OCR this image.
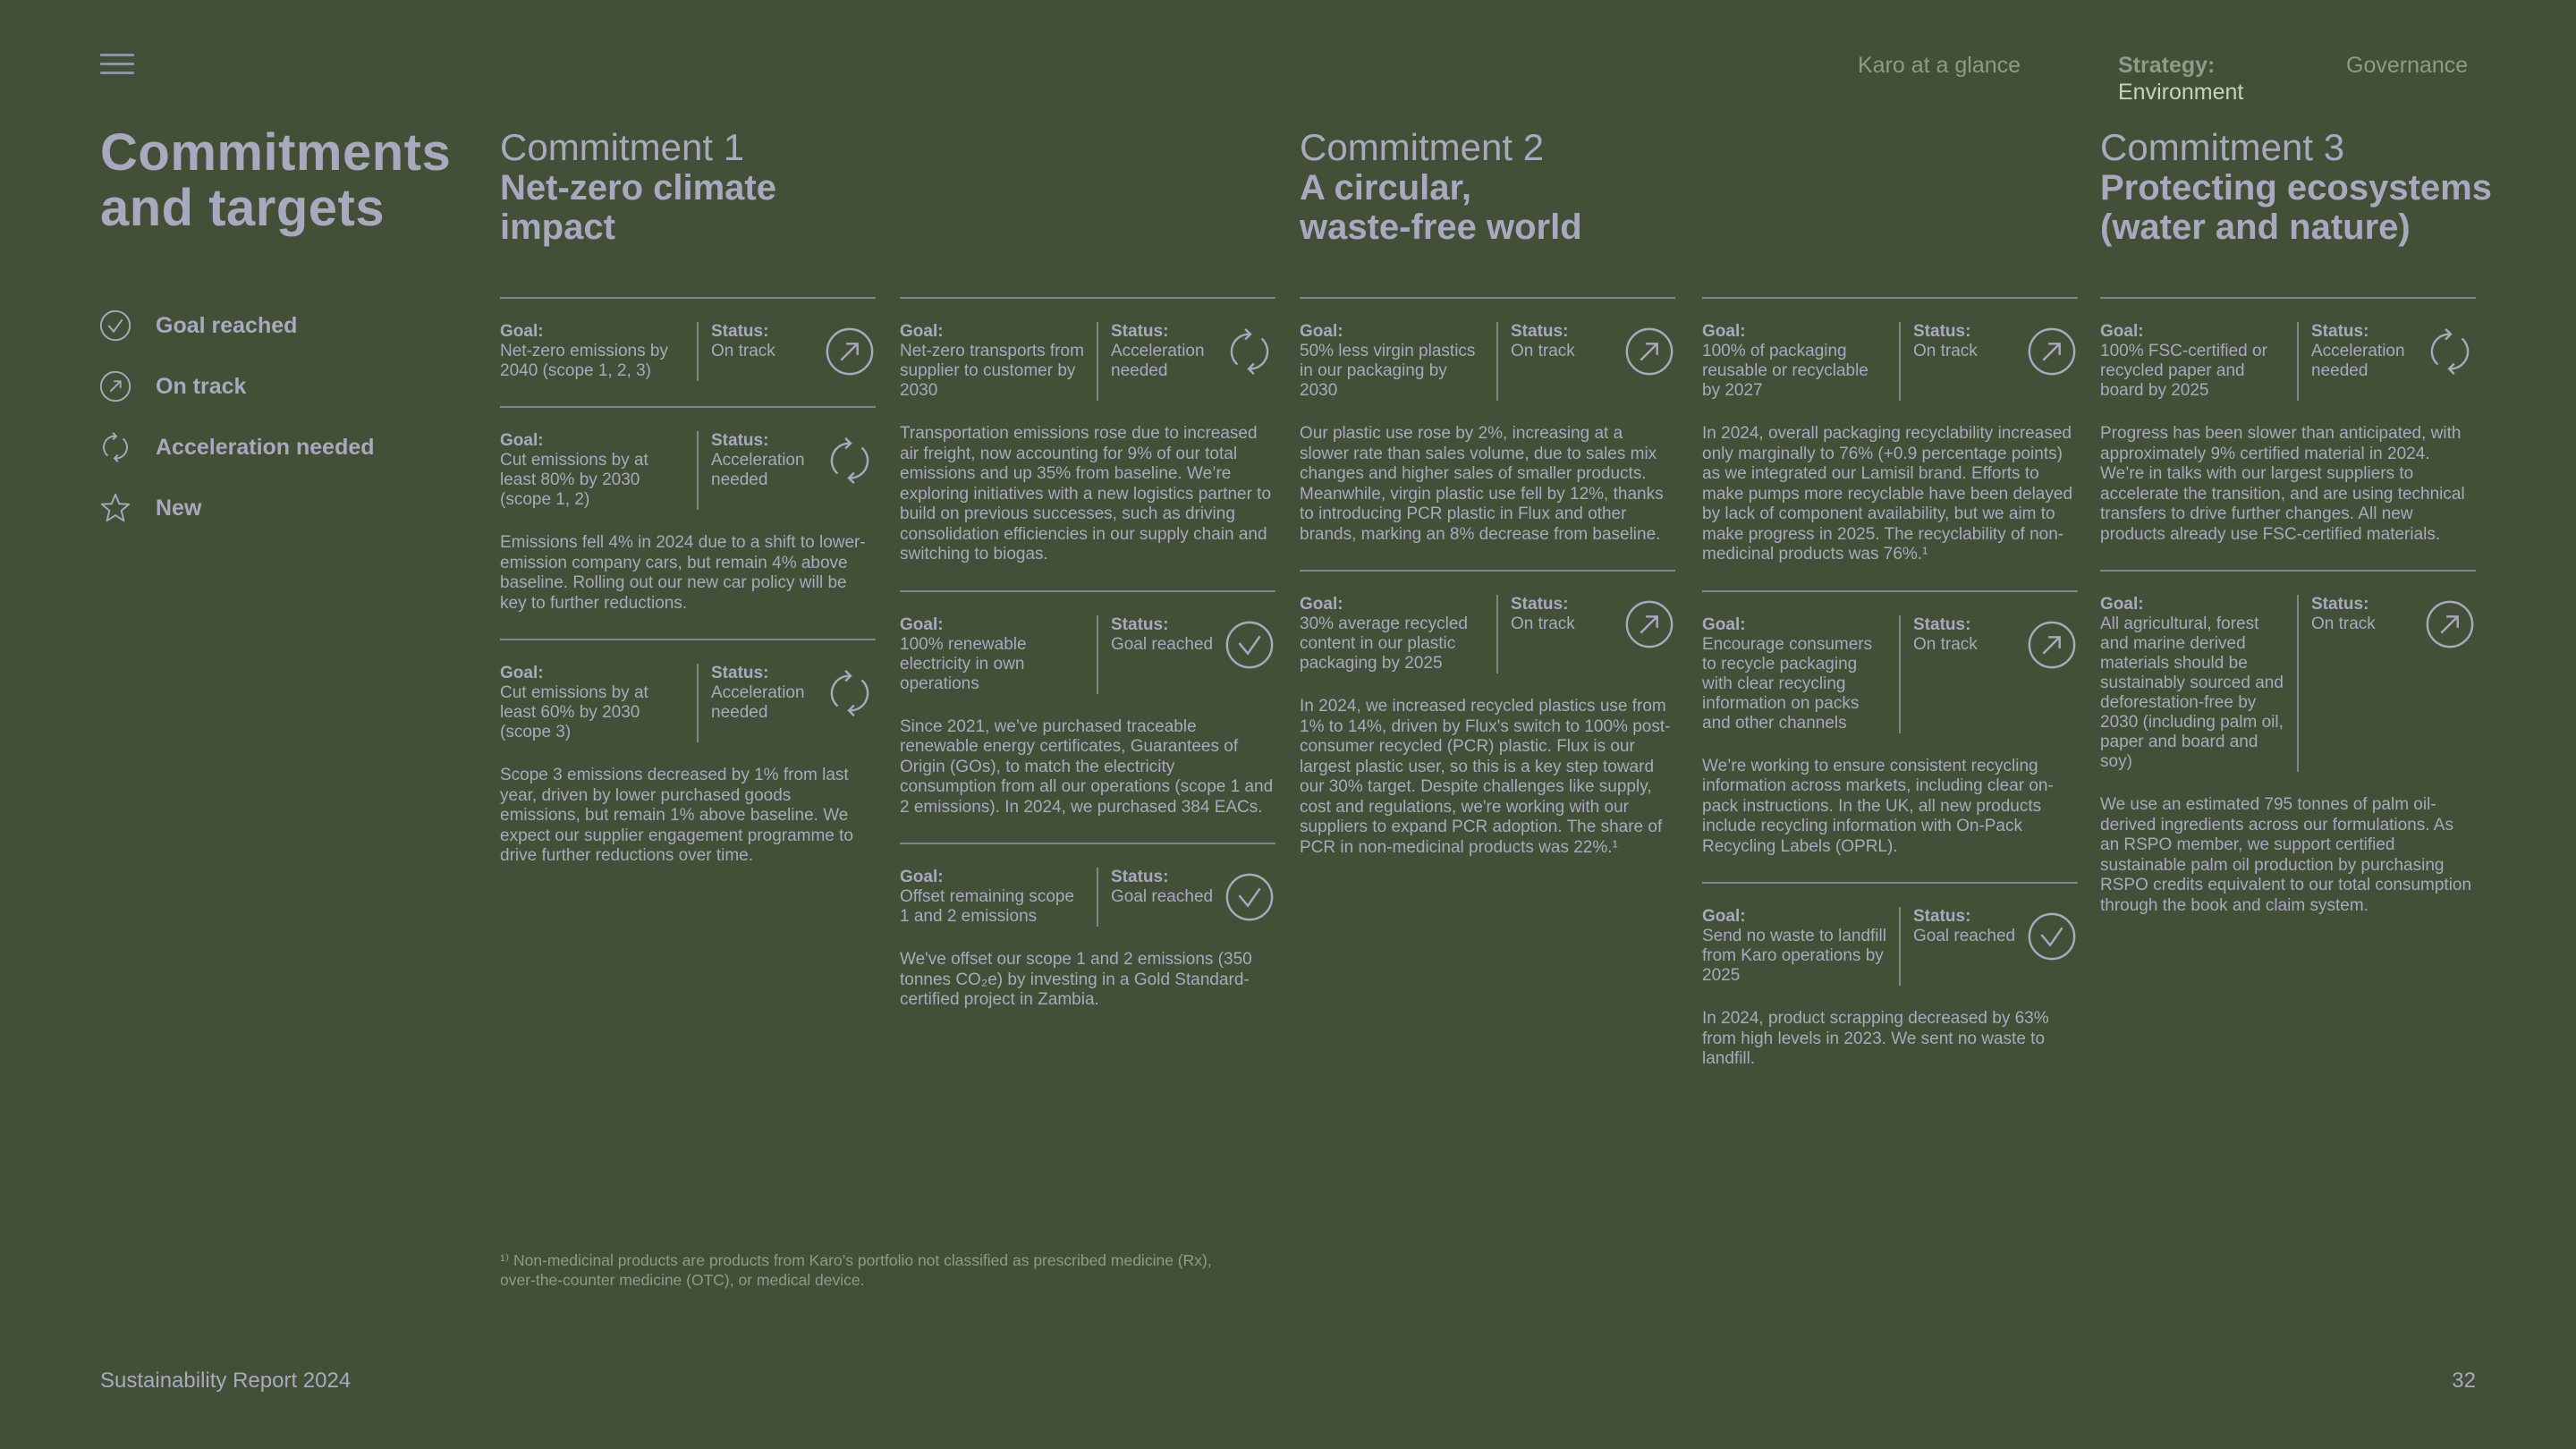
Karo at a glance	Strategy:
Environment
Governance
Commitments
and targets
Goal reached
On track
Acceleration needed
New
Commitment 1
Net-zero climate
impact
Commitment 2
A circular,
waste-free world
Commitment 3
Protecting ecosystems
(water and nature)
Goal:
Net-zero emissions by 2040 (scope 1, 2, 3)
Status:
On track
Goal:
Cut emissions by at least 80% by 2030 (scope 1, 2)
Status:
Acceleration needed
Emissions fell 4% in 2024 due to a shift to lower-emission company cars, but remain 4% above baseline. Rolling out our new car policy will be key to further reductions.
Goal:
Cut emissions by at least 60% by 2030 (scope 3)
Status:
Acceleration needed
Scope 3 emissions decreased by 1% from last year, driven by lower purchased goods emissions, but remain 1% above baseline. We expect our supplier engagement programme to drive further reductions over time.
Goal:
Net-zero transports from supplier to customer by 2030
Status:
Acceleration needed
Transportation emissions rose due to increased air freight, now accounting for 9% of our total emissions and up 35% from baseline. We’re exploring initiatives with a new logistics partner to build on previous successes, such as driving consolidation efficiencies in our supply chain and switching to biogas.
Goal:
100% renewable electricity in own operations
Status:
Goal reached
Since 2021, we’ve purchased traceable renewable energy certificates, Guarantees of Origin (GOs), to match the electricity consumption from all our operations (scope 1 and 2 emissions). In 2024, we purchased 384 EACs.
Goal:
Offset remaining scope 1 and 2 emissions
Status:
Goal reached
We've offset our scope 1 and 2 emissions (350 tonnes CO₂e) by investing in a Gold Standard-certified project in Zambia.
Goal:
50% less virgin plastics in our packaging by 2030
Status:
On track
Our plastic use rose by 2%, increasing at a slower rate than sales volume, due to sales mix changes and higher sales of smaller products. Meanwhile, virgin plastic use fell by 12%, thanks to introducing PCR plastic in Flux and other brands, marking an 8% decrease from baseline.
Goal:
30% average recycled content in our plastic packaging by 2025
Status:
On track
In 2024, we increased recycled plastics use from 1% to 14%, driven by Flux's switch to 100% post-consumer recycled (PCR) plastic. Flux is our largest plastic user, so this is a key step toward our 30% target. Despite challenges like supply, cost and regulations, we're working with our suppliers to expand PCR adoption. The share of PCR in non-medicinal products was 22%.¹
Goal:
100% of packaging reusable or recyclable by 2027
Status:
On track
In 2024, overall packaging recyclability increased only marginally to 76% (+0.9 percentage points) as we integrated our Lamisil brand. Efforts to make pumps more recyclable have been delayed by lack of component availability, but we aim to make progress in 2025. The recyclability of non-medicinal products was 76%.¹
Goal:
Encourage consumers to recycle packaging with clear recycling information on packs and other channels
Status:
On track
We’re working to ensure consistent recycling information across markets, including clear on-pack instructions. In the UK, all new products include recycling information with On-Pack Recycling Labels (OPRL).
Goal:
Send no waste to landfill from Karo operations by 2025
Status:
Goal reached
In 2024, product scrapping decreased by 63% from high levels in 2023. We sent no waste to landfill.
Goal:
100% FSC-certified or recycled paper and board by 2025
Status:
Acceleration needed
Progress has been slower than anticipated, with approximately 9% certified material in 2024. We’re in talks with our largest suppliers to accelerate the transition, and are using technical transfers to drive further changes. All new products already use FSC-certified materials.
Goal:
All agricultural, forest and marine derived materials should be sustainably sourced and deforestation-free by 2030 (including palm oil, paper and board and soy)
Status:
On track
We use an estimated 795 tonnes of palm oil-derived ingredients across our formulations. As an RSPO member, we support certified sustainable palm oil production by purchasing RSPO credits equivalent to our total consumption through the book and claim system.
¹⁾ Non-medicinal products are products from Karo’s portfolio not classified as prescribed medicine (Rx), over-the-counter medicine (OTC), or medical device.
Sustainability Report 2024	32
